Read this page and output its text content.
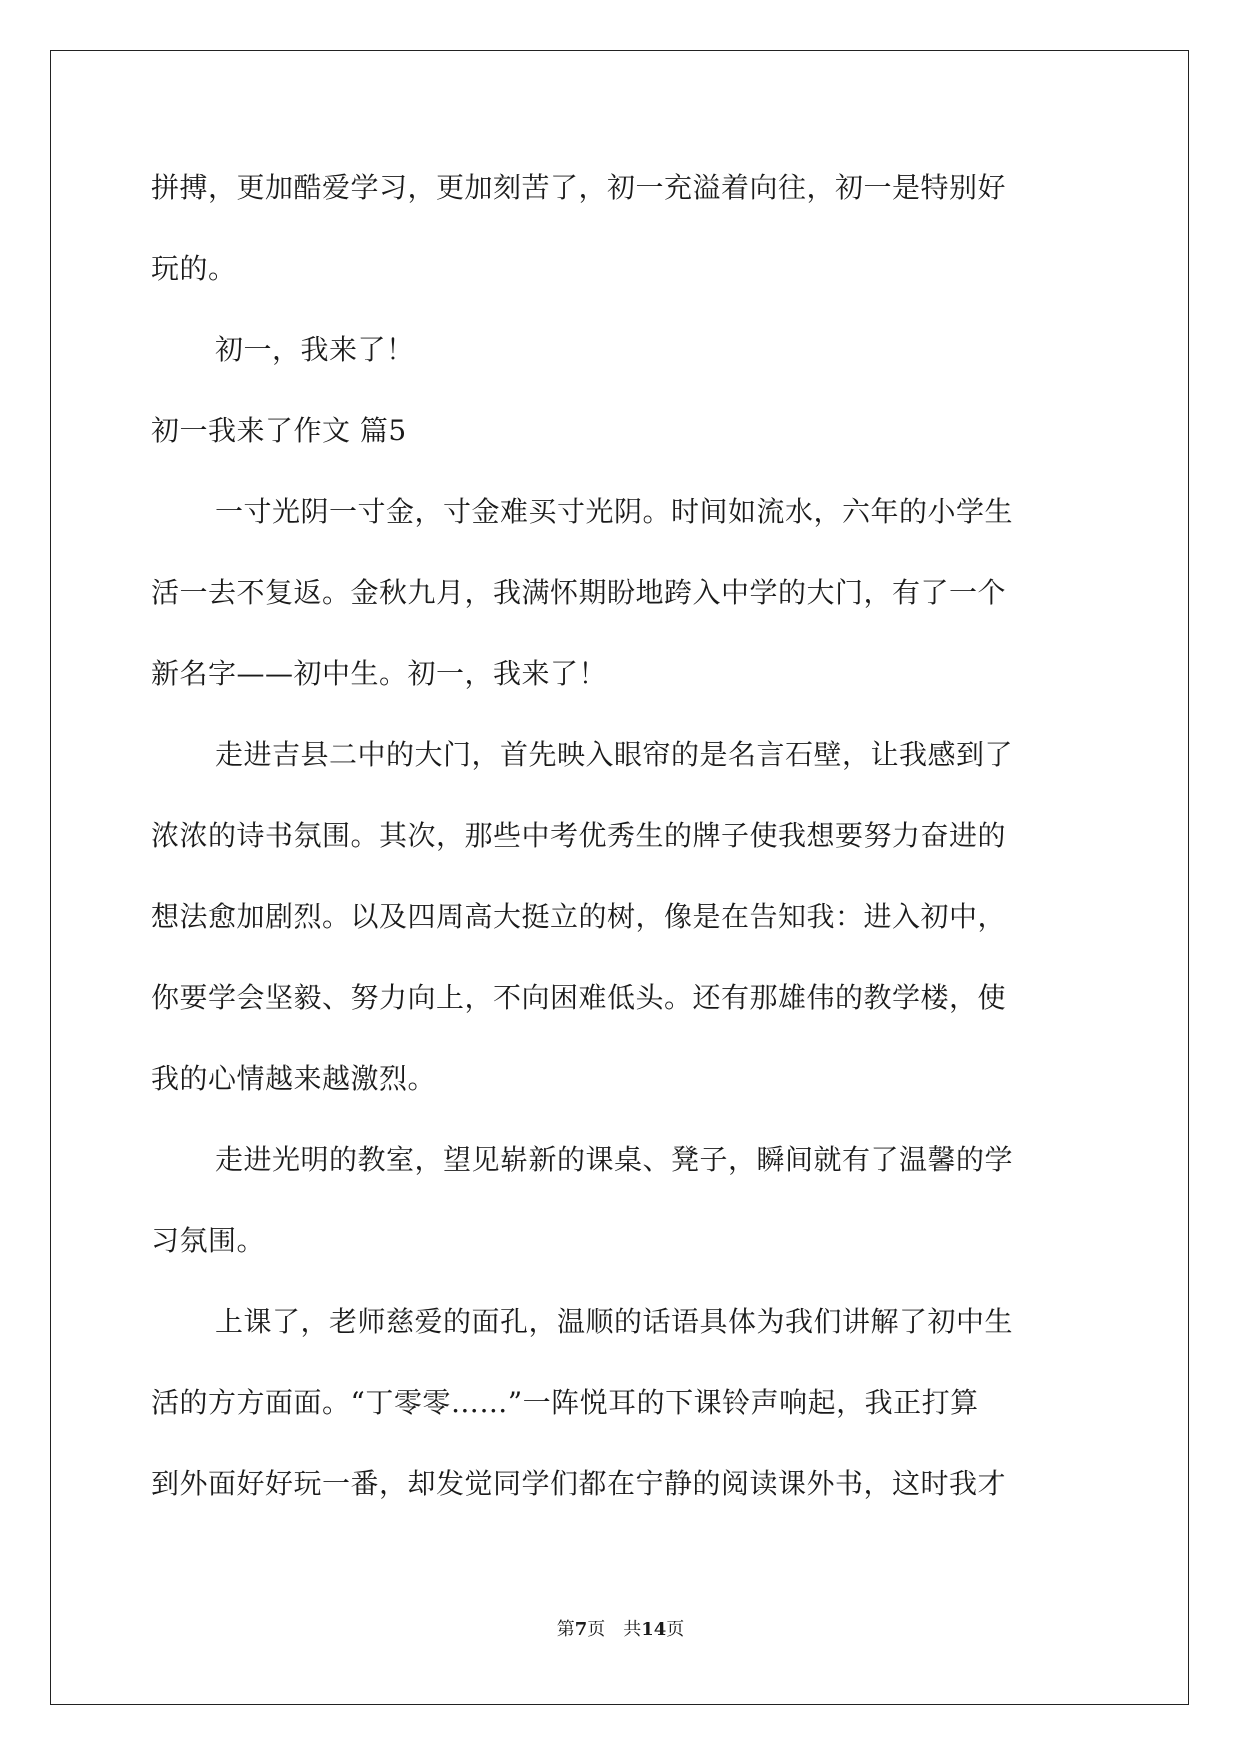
拼搏，更加酷爱学习，更加刻苦了，初一充溢着向往，初一是特别好
玩的。
初一，我来了！
初一我来了作文 篇5
一寸光阴一寸金，寸金难买寸光阴。时间如流水，六年的小学生
活一去不复返。金秋九月，我满怀期盼地跨入中学的大门，有了一个
新名字——初中生。初一，我来了！
走进吉县二中的大门，首先映入眼帘的是名言石壁，让我感到了
浓浓的诗书氛围。其次，那些中考优秀生的牌子使我想要努力奋进的
想法愈加剧烈。以及四周高大挺立的树，像是在告知我：进入初中，
你要学会坚毅、努力向上，不向困难低头。还有那雄伟的教学楼，使
我的心情越来越激烈。
走进光明的教室，望见崭新的课桌、凳子，瞬间就有了温馨的学
习氛围。
上课了，老师慈爱的面孔，温顺的话语具体为我们讲解了初中生
活的方方面面。“丁零零……”一阵悦耳的下课铃声响起，我正打算
到外面好好玩一番，却发觉同学们都在宁静的阅读课外书，这时我才
第7页　共14页
